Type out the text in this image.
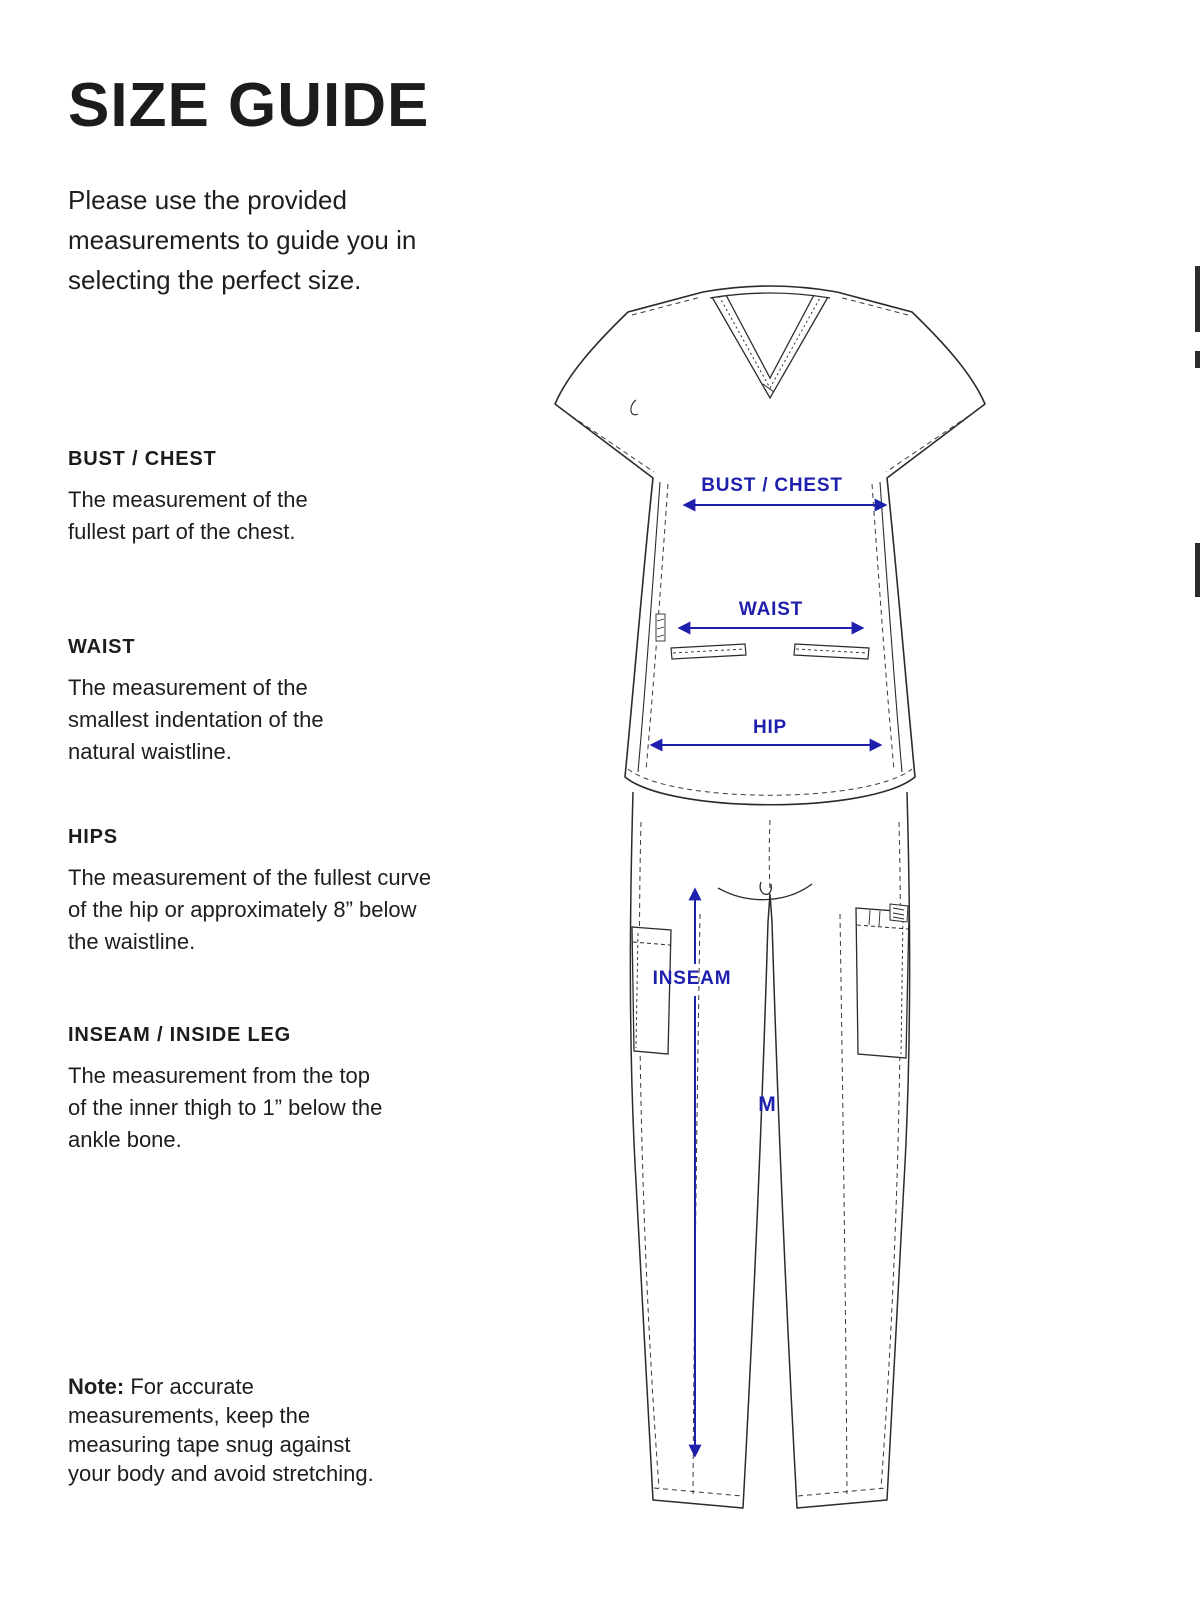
SIZE GUIDE

Please use the provided measurements to guide you in selecting the perfect size.

BUST / CHEST

The measurement of the fullest part of the chest.

WAIST

The measurement of the smallest indentation of the natural waistline.

HIPS

The measurement of the fullest curve of the hip or approximately 8” below the waistline.

INSEAM / INSIDE LEG

The measurement from the top of the inner thigh to 1” below the ankle bone.

Note: For accurate measurements, keep the measuring tape snug against your body and avoid stretching.

BUST / CHEST
WAIST
HIP
INSEAM
M
